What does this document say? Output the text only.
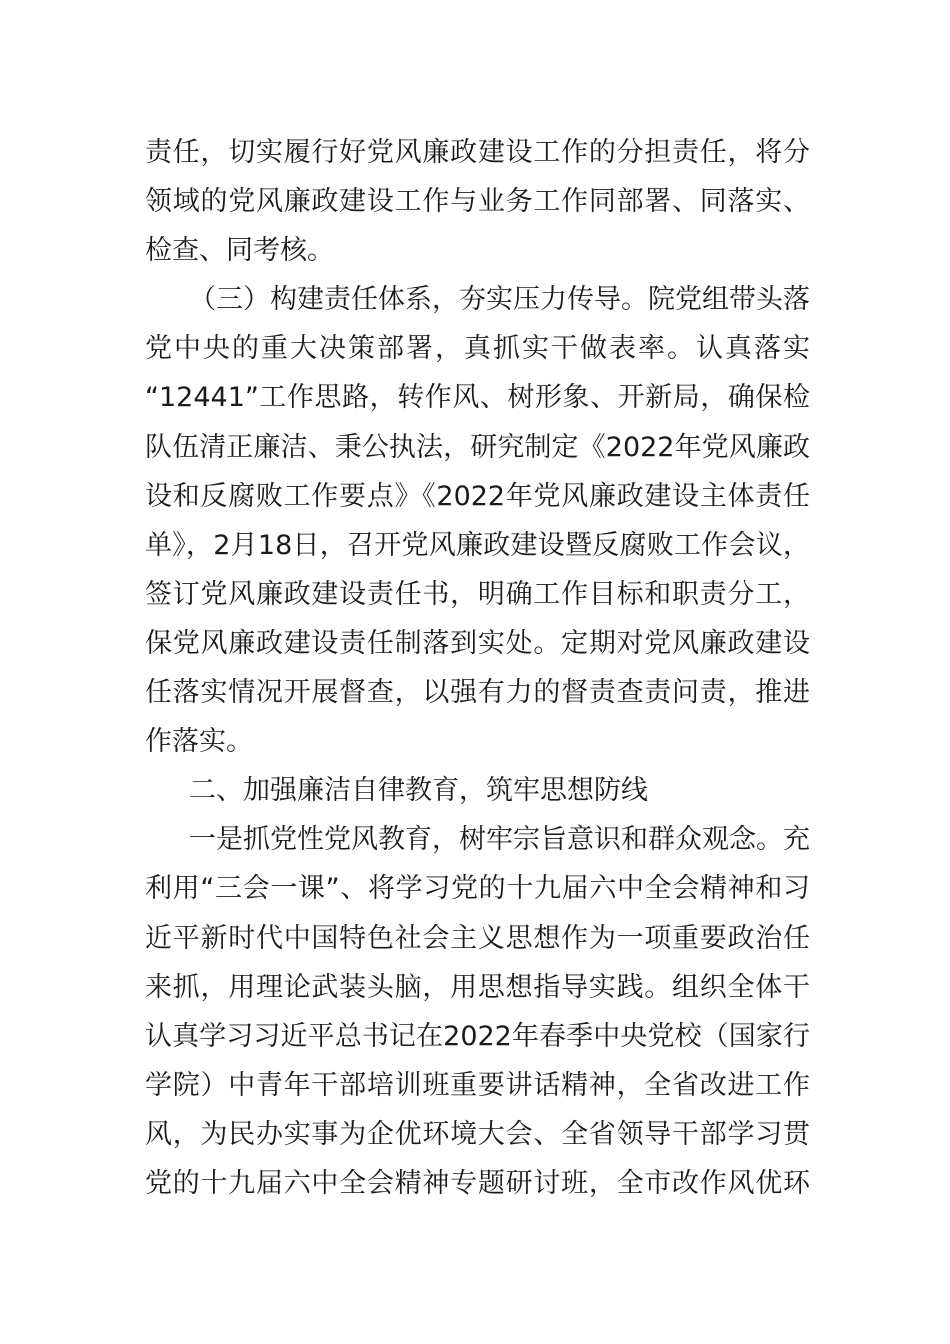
责任，切实履行好党风廉政建设工作的分担责任，将分
领域的党风廉政建设工作与业务工作同部署、同落实、
检查、同考核。
（三）构建责任体系，夯实压力传导。院党组带头落
党中央的重大决策部署，真抓实干做表率。认真落实
“12441”工作思路，转作风、树形象、开新局，确保检
队伍清正廉洁、秉公执法，研究制定《2022年党风廉政
设和反腐败工作要点》《2022年党风廉政建设主体责任
单》，2月18日，召开党风廉政建设暨反腐败工作会议，
签订党风廉政建设责任书，明确工作目标和职责分工，
保党风廉政建设责任制落到实处。定期对党风廉政建设
任落实情况开展督查，以强有力的督责查责问责，推进
作落实。
二、加强廉洁自律教育，筑牢思想防线
一是抓党性党风教育，树牢宗旨意识和群众观念。充
利用“三会一课”、将学习党的十九届六中全会精神和习
近平新时代中国特色社会主义思想作为一项重要政治任
来抓，用理论武装头脑，用思想指导实践。组织全体干
认真学习习近平总书记在2022年春季中央党校（国家行
学院）中青年干部培训班重要讲话精神，全省改进工作
风，为民办实事为企优环境大会、全省领导干部学习贯
党的十九届六中全会精神专题研讨班，全市改作风优环
